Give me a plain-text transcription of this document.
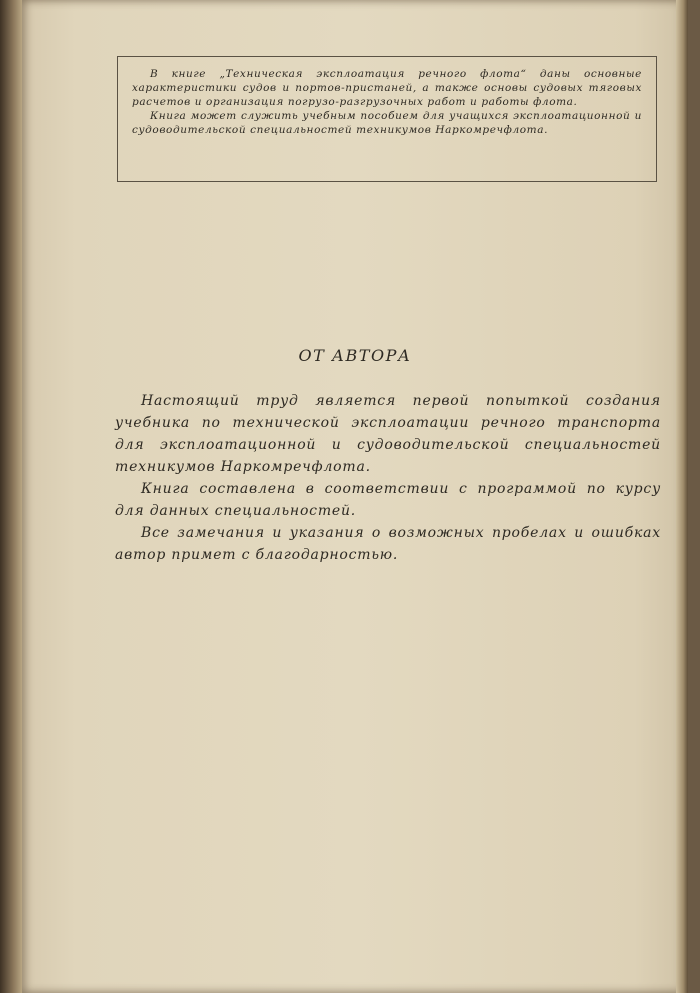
В книге „Техническая эксплоатация речного флота“ даны основные характеристики судов и портов-пристаней, а также основы судовых тяговых расчетов и организация погрузо-разгрузочных работ и работы флота.

Книга может служить учебным пособием для учащихся эксплоатационной и судоводительской специальностей техникумов Наркомречфлота.

ОТ АВТОРА

Настоящий труд является первой попыткой создания учебника по технической эксплоатации речного транспорта для эксплоатационной и судоводительской специальностей техникумов Наркомречфлота.

Книга составлена в соответствии с программой по курсу для данных специальностей.

Все замечания и указания о возможных пробелах и ошибках автор примет с благодарностью.
